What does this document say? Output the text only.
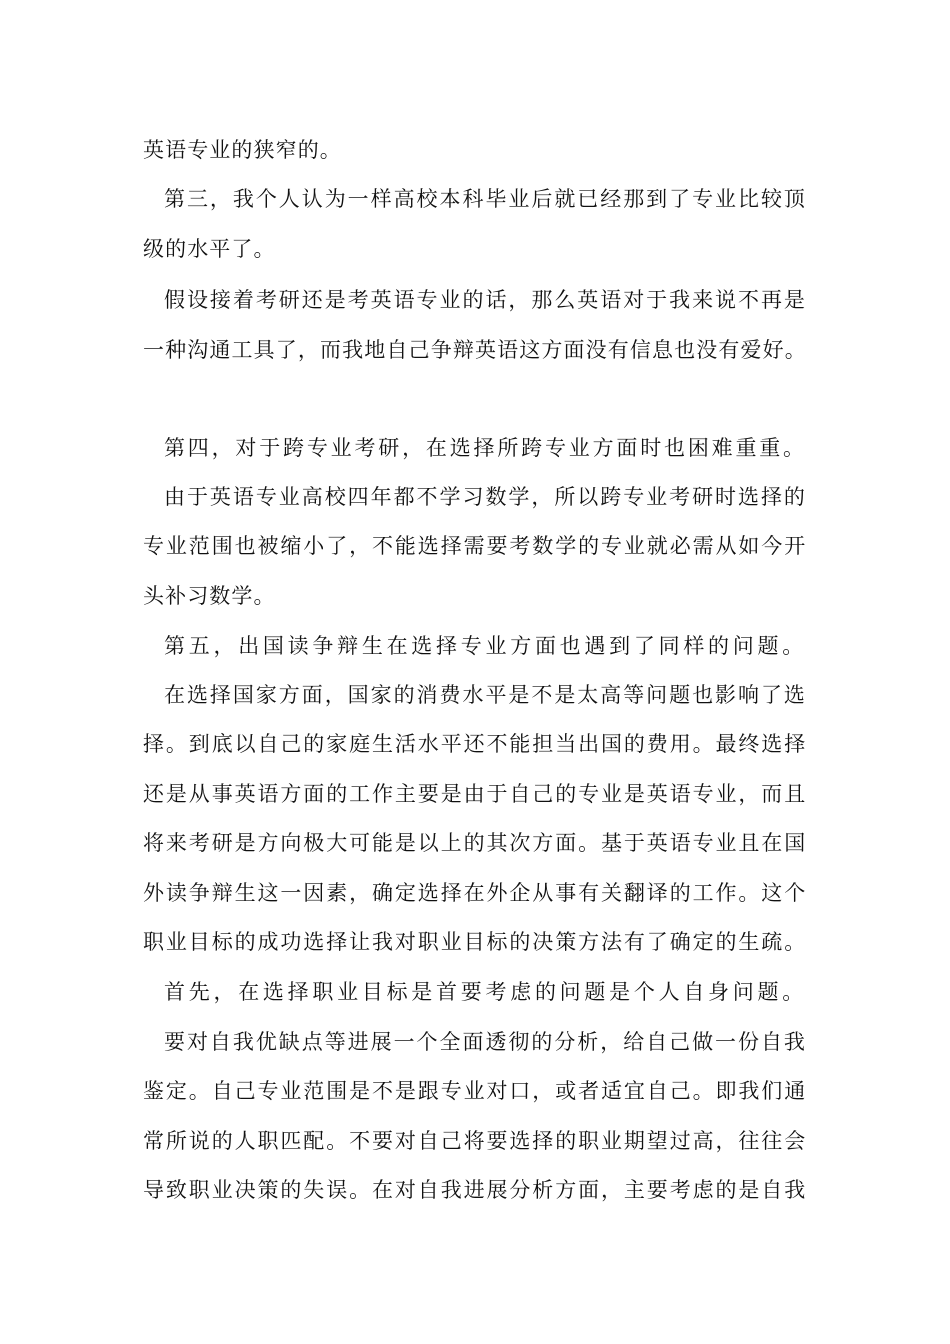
英语专业的狭窄的。
第三，我个人认为一样高校本科毕业后就已经那到了专业比较顶
级的水平了。
假设接着考研还是考英语专业的话，那么英语对于我来说不再是
一种沟通工具了，而我地自己争辩英语这方面没有信息也没有爱好。
第四，对于跨专业考研，在选择所跨专业方面时也困难重重。
由于英语专业高校四年都不学习数学，所以跨专业考研时选择的
专业范围也被缩小了，不能选择需要考数学的专业就必需从如今开
头补习数学。
第五，出国读争辩生在选择专业方面也遇到了同样的问题。
在选择国家方面，国家的消费水平是不是太高等问题也影响了选
择。到底以自己的家庭生活水平还不能担当出国的费用。最终选择
还是从事英语方面的工作主要是由于自己的专业是英语专业，而且
将来考研是方向极大可能是以上的其次方面。基于英语专业且在国
外读争辩生这一因素，确定选择在外企从事有关翻译的工作。这个
职业目标的成功选择让我对职业目标的决策方法有了确定的生疏。
首先，在选择职业目标是首要考虑的问题是个人自身问题。
要对自我优缺点等进展一个全面透彻的分析，给自己做一份自我
鉴定。自己专业范围是不是跟专业对口，或者适宜自己。即我们通
常所说的人职匹配。不要对自己将要选择的职业期望过高，往往会
导致职业决策的失误。在对自我进展分析方面，主要考虑的是自我
